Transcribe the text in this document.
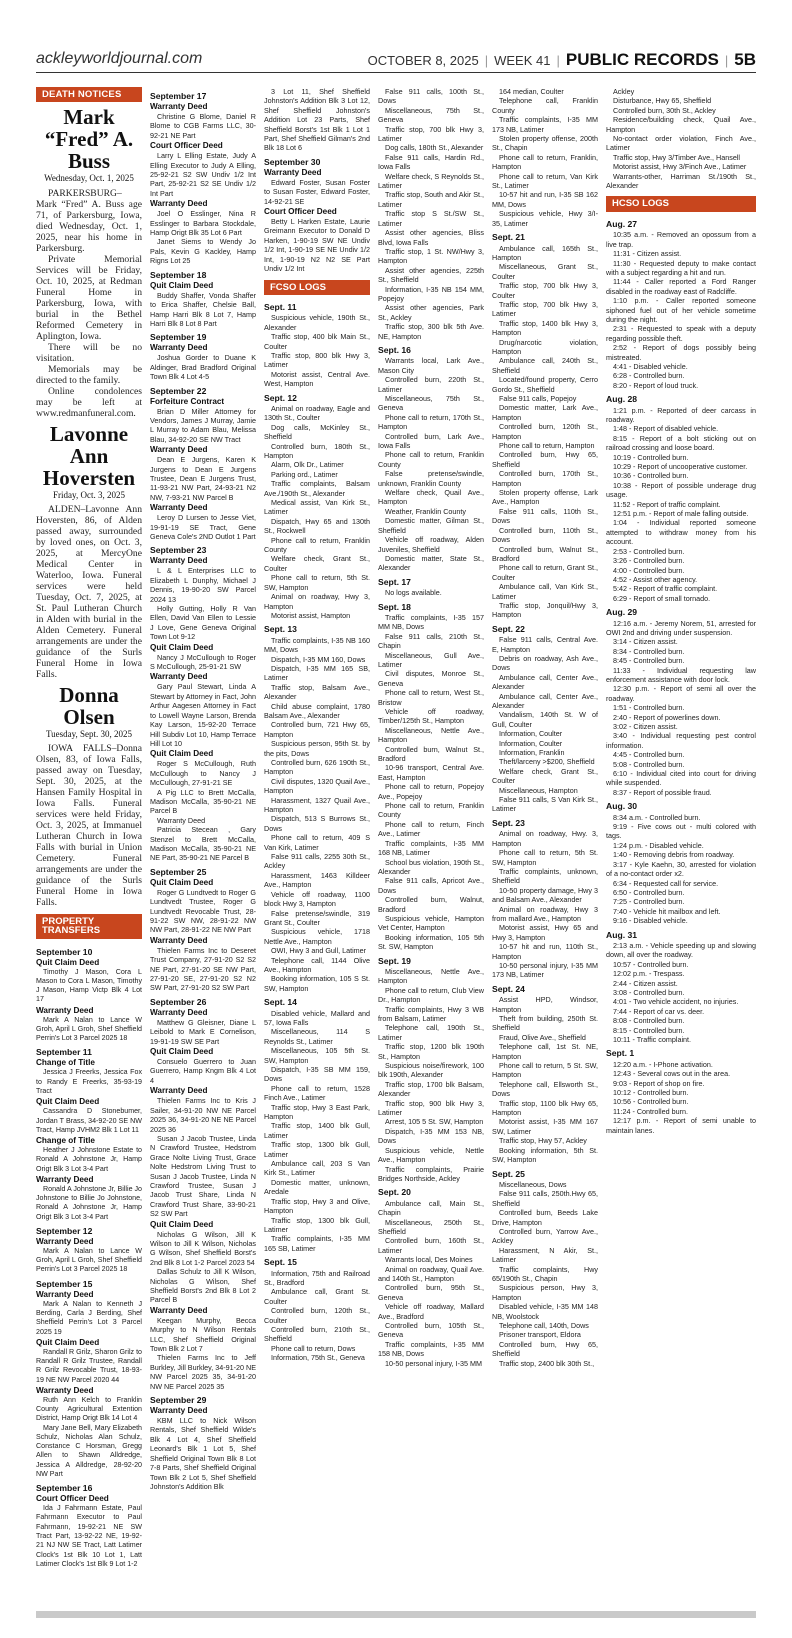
ackleyworldjournal.com	OCTOBER 8, 2025 | WEEK 41 | PUBLIC RECORDS | 5B
DEATH NOTICES
Mark “Fred” A. Buss
Wednesday, Oct. 1, 2025

PARKERSBURG–Mark “Fred” A. Buss age 71, of Parkersburg, Iowa, died Wednesday, Oct. 1, 2025, near his home in Parkersburg.

Private Memorial Services will be Friday, Oct. 10, 2025, at Redman Funeral Home in Parkersburg, Iowa, with burial in the Bethel Reformed Cemetery in Aplington, Iowa.

There will be no visitation.

Memorials may be directed to the family.

Online condolences may be left at www.redmanfuneral.com.

Lavonne Ann Hoversten
Friday, Oct. 3, 2025

ALDEN–Lavonne Ann Hoversten, 86, of Alden passed away, surrounded by loved ones, on Oct. 3, 2025, at MercyOne Medical Center in Waterloo, Iowa. Funeral services were held Tuesday, Oct. 7, 2025, at St. Paul Lutheran Church in Alden with burial in the Alden Cemetery. Funeral arrangements are under the guidance of the Surls Funeral Home in Iowa Falls.

Donna Olsen
Tuesday, Sept. 30, 2025

IOWA FALLS–Donna Olsen, 83, of Iowa Falls, passed away on Tuesday, Sept. 30, 2025, at the Hansen Family Hospital in Iowa Falls. Funeral services were held Friday, Oct. 3, 2025, at Immanuel Lutheran Church in Iowa Falls with burial in Union Cemetery. Funeral arrangements are under the guidance of the Surls Funeral Home in Iowa Falls.

PROPERTY TRANSFERS
September 10
Quit Claim Deed

Timothy J Mason, Cora L Mason to Cora L Mason, Timothy J Mason, Hamp Victp Blk 4 Lot 17

Warranty Deed

Mark A Nalan to Lance W Groh, April L Groh, Shef Sheffield Perrin's Lot 3 Parcel 2025 18

September 11
Change of Title

Jessica J Freerks, Jessica Fox to Randy E Freerks, 35-93-19 Tract

Quit Claim Deed

Cassandra D Stonebumer, Jordan T Brass, 34-92-20 SE NW Tract, Hamp JVHM2 Blk 1 Lot 11

Change of Title

Heather J Johnstone Estate to Ronald A Johnstone Jr, Hamp Origt Blk 3 Lot 3-4 Part

Warranty Deed

Ronald A Johnstone Jr, Billie Jo Johnstone to Billie Jo Johnstone, Ronald A Johnstone Jr, Hamp Origt Blk 3 Lot 3-4 Part

September 12
Warranty Deed

Mark A Nalan to Lance W Groh, April L Groh, Shef Sheffield Perrin's Lot 3 Parcel 2025 18

September 15
Warranty Deed

Mark A Nalan to Kenneth J Berding, Carla J Berding, Shef Sheffield Perrin's Lot 3 Parcel 2025 19

Quit Claim Deed

Randall R Grilz, Sharon Grilz to Randall R Grilz Trustee, Randall R Grilz Revocable Trust, 18-93-19 NE NW Parcel 2020 44

Warranty Deed

Ruth Ann Kelch to Franklin County Agricultural Extention District, Hamp Origt Blk 14 Lot 4

Mary Jane Bell, Mary Elizabeth Schulz, Nicholas Alan Schulz, Constance C Horsman, Gregg Allen to Shawn Alldredge, Jessica A Alldredge, 28-92-20 NW Part

September 16
Court Officer Deed

Ida J Fahrmann Estate, Paul Fahrmann Executor to Paul Fahrmann, 19-92-21 NE SW Tract Part, 13-92-22 NE, 19-92-21 NJ NW SE Tract, Latt Latimer Clock's 1st Blk 10 Lot 1, Latt Latimer Clock's 1st Blk 9 Lot 1-2

September 17
Warranty Deed

Christine G Blome, Daniel R Blome to CGB Farms LLC, 30-92-21 NE Part

Court Officer Deed

Larry L Elling Estate, Judy A Elling Executor to Judy A Elling, 25-92-21 S2 SW Undiv 1/2 Int Part, 25-92-21 S2 SE Undiv 1/2 Int Part

Warranty Deed

Joel O Esslinger, Nina R Esslinger to Barbara Stockdale, Hamp Origt Blk 35 Lot 6 Part

Janet Siems to Wendy Jo Pals, Kevin G Kackley, Hamp Rigns Lot 25

September 18
Quit Claim Deed

Buddy Shaffer, Vonda Shaffer to Erica Shaffer, Chelsie Ball, Hamp Harri Blk 8 Lot 7, Hamp Harri Blk 8 Lot 8 Part

September 19
Warranty Deed

Joshua Gorder to Duane K Aldinger, Brad Bradford Original Town Blk 4 Lot 4-5

September 22
Forfeiture Contract

Brian D Miller Attorney for Vendors, James J Murray, Jamie L Murray to Adam Blau, Melissa Blau, 34-92-20 SE NW Tract

Warranty Deed

Dean E Jurgens, Karen K Jurgens to Dean E Jurgens Trustee, Dean E Jurgens Trust, 11-93-21 NW Part, 24-93-21 N2 NW, 7-93-21 NW Parcel B

Warranty Deed

Leroy D Lursen to Jesse Viet, 19-91-19 SE Tract, Gene Geneva Cole's 2ND Outlot 1 Part

September 23
Warranty Deed

L & L Enterprises LLC to Elizabeth L Dunphy, Michael J Dennis, 19-90-20 SW Parcel 2024 13

Holly Gutting, Holly R Van Ellen, David Van Ellen to Lessie J Love, Gene Geneva Original Town Lot 9-12

Quit Claim Deed

Nancy J McCullough to Roger S McCullough, 25-91-21 SW

Warranty Deed

Gary Paul Stewart, Linda A Stewart by Attorney in Fact, John Arthur Aagesen Attorney in Fact to Lowell Wayne Larson, Brenda Kay Larson, 15-92-20 Terrace Hill Subdiv Lot 10, Hamp Terrace Hill Lot 10

Quit Claim Deed

Roger S McCullough, Ruth McCullough to Nancy J McCullough, 27-91-21 SE

A Pig LLC to Brett McCalla, Madison McCalla, 35-90-21 NE Parcel B

Warranty Deed

Patricia Stecean , Gary Stenzel to Brett McCalla, Madison McCalla, 35-90-21 NE NE Part, 35-90-21 NE Parcel B

September 25
Quit Claim Deed

Roger G Lundtvedt to Roger G Lundtvedt Trustee, Roger G Lundtvedt Revocable Trust, 28-91-22 SW NW, 28-91-22 NW NW Part, 28-91-22 NE NW Part

Warranty Deed

Thielen Farms Inc to Deseret Trust Company, 27-91-20 S2 S2 NE Part, 27-91-20 SE NW Part, 27-91-20 SE, 27-91-20 S2 N2 SW Part, 27-91-20 S2 SW Part

September 26
Warranty Deed

Matthew G Gleisner, Diane L Leibold to Mark E Cornelison, 19-91-19 SW SE Part

Quit Claim Deed

Consuelo Guerrero to Juan Guerrero, Hamp Kngm Blk 4 Lot 4

Warranty Deed

Thielen Farms Inc to Kris J Sailer, 34-91-20 NW NE Parcel 2025 36, 34-91-20 NE NE Parcel 2025 36

Susan J Jacob Trustee, Linda N Crawford Trustee, Hedstrom Grace Nolte Living Trust, Grace Nolte Hedstrom Living Trust to Susan J Jacob Trustee, Linda N Crawford Trustee, Susan J Jacob Trust Share, Linda N Crawford Trust Share, 33-90-21 S2 SW Part

Quit Claim Deed

Nicholas G Wilson, Jill K Wilson to Jill K Wilson, Nicholas G Wilson, Shef Sheffield Borst's 2nd Blk 8 Lot 1-2 Parcel 2023 54

Dallas Schulz to Jill K Wilson, Nicholas G Wilson, Shef Sheffield Borst's 2nd Blk 8 Lot 2 Parcel B

Warranty Deed

Keegan Murphy, Becca Murphy to N Wilson Rentals LLC, Shef Sheffield Original Town Blk 2 Lot 7

Thielen Farms Inc to Jeff Burkley, Jill Burkley, 34-91-20 NE NW Parcel 2025 35, 34-91-20 NW NE Parcel 2025 35

September 29
Warranty Deed

KBM LLC to Nick Wilson Rentals, Shef Sheffield Wilde's Blk 4 Lot 4, Shef Sheffield Leonard's Blk 1 Lot 5, Shef Sheffield Original Town Blk 8 Lot 7-8 Parts, Shef Sheffield Original Town Blk 2 Lot 5, Shef Sheffield Johnston's Addition Blk

3 Lot 11, Shef Sheffield Johnston's Addition Blk 3 Lot 12, Shef Sheffield Johnston's Addition Lot 23 Parts, Shef Sheffield Borst's 1st Blk 1 Lot 1 Part, Shef Sheffield Gilman's 2nd Blk 18 Lot 6

September 30
Warranty Deed

Edward Foster, Susan Foster to Susan Foster, Edward Foster, 14-92-21 SE

Court Officer Deed

Betty L Harken Estate, Laurie Greimann Executor to Donald D Harken, 1-90-19 SW NE Undiv 1/2 Int, 1-90-19 SE NE Undiv 1/2 Int, 1-90-19 N2 N2 SE Part Undiv 1/2 Int

FCSO LOGS
Sept. 11

Suspicious vehicle, 190th St., Alexander

Traffic stop, 400 blk Main St., Coulter

Traffic stop, 800 blk Hwy 3, Latimer

Motorist assist, Central Ave. West, Hampton

Sept. 12

Animal on roadway, Eagle and 130th St., Coulter

Dog calls, McKinley St., Sheffield

Controlled burn, 180th St., Hampton

Alarm, Olk Dr., Latimer

Parking ord., Latimer

Traffic complaints, Balsam Ave./190th St., Alexander

Medical assist, Van Kirk St., Latimer

Dispatch, Hwy 65 and 130th St., Rockwell

Phone call to return, Franklin County

Welfare check, Grant St., Coulter

Phone call to return, 5th St. SW, Hampton

Animal on roadway, Hwy 3, Hampton

Motorist assist, Hampton

Sept. 13

Traffic complaints, I-35 NB 160 MM, Dows

Dispatch, I-35 MM 160, Dows

Dispatch, I-35 MM 165 SB, Latimer

Traffic stop, Balsam Ave., Alexander

Child abuse complaint, 1780 Balsam Ave., Alexander

Controlled burn, 721 Hwy 65, Hampton

Suspicious person, 95th St. by the pits, Dows

Controlled burn, 626 190th St., Hampton

Civil disputes, 1320 Quail Ave., Hampton

Harassment, 1327 Quail Ave., Hampton

Dispatch, 513 S Burrows St., Dows

Phone call to return, 409 S Van Kirk, Latimer

False 911 calls, 2255 30th St., Ackley

Harassment, 1463 Killdeer Ave., Hampton

Vehicle off roadway, 1100 block Hwy 3, Hampton

False pretense/swindle, 319 Grant St., Coulter

Suspicious vehicle, 1718 Nettle Ave., Hampton

OWI, Hwy 3 and Gull, Latimer

Telephone call, 1144 Olive Ave., Hampton

Booking information, 105 S St. SW, Hampton

Sept. 14

Disabled vehicle, Mallard and 57, Iowa Falls

Miscellaneous, 114 S Reynolds St., Latimer

Miscellaneous, 105 5th St. SW, Hampton

Dispatch, I-35 SB MM 159, Dows

Phone call to return, 1528 Finch Ave., Latimer

Traffic stop, Hwy 3 East Park, Hampton

Traffic stop, 1400 blk Gull, Latimer

Traffic stop, 1300 blk Gull, Latimer

Ambulance call, 203 S Van Kirk St., Latimer

Domestic matter, unknown, Aredale

Traffic stop, Hwy 3 and Olive, Hampton

Traffic stop, 1300 blk Gull, Latimer

Traffic complaints, I-35 MM 165 SB, Latimer

Sept. 15

Information, 75th and Railroad St., Bradford

Ambulance call, Grant St. Coulter

Controlled burn, 120th St., Coulter

Controlled burn, 210th St., Sheffield

Phone call to return, Dows

Information, 75th St., Geneva

False 911 calls, 100th St., Dows

Miscellaneous, 75th St., Geneva

Traffic stop, 700 blk Hwy 3, Latimer

Dog calls, 180th St., Alexander

False 911 calls, Hardin Rd., Iowa Falls

Welfare check, S Reynolds St., Latimer

Traffic stop, South and Akir St., Latimer

Traffic stop S St./SW St., Latimer

Assist other agencies, Bliss Blvd, Iowa Falls

Traffic stop, 1 St. NW/Hwy 3, Hampton

Assist other agencies, 225th St., Sheffield

Information, I-35 NB 154 MM, Popejoy

Assist other agencies, Park St., Ackley

Traffic stop, 300 blk 5th Ave. NE, Hampton

Sept. 16

Warrants local, Lark Ave., Mason City

Controlled burn, 220th St., Latimer

Miscellaneous, 75th St., Geneva

Phone call to return, 170th St., Hampton

Controlled burn, Lark Ave., Iowa Falls

Phone call to return, Franklin County

False pretense/swindle, unknown, Franklin County

Welfare check, Quail Ave., Hampton

Weather, Franklin County

Domestic matter, Gilman St., Sheffield

Vehicle off roadway, Alden Juveniles, Sheffield

Domestic matter, State St., Alexander

Sept. 17

No logs available.

Sept. 18

Traffic complaints, I-35 157 MM NB, Dows

False 911 calls, 210th St., Chapin

Miscellaneous, Gull Ave., Latimer

Civil disputes, Monroe St., Geneva

Phone call to return, West St., Bristow

Vehicle off roadway, Timber/125th St., Hampton

Miscellaneous, Nettle Ave., Hampton

Controlled burn, Walnut St., Bradford

10-96 transport, Central Ave. East, Hampton

Phone call to return, Popejoy Ave., Popejoy

Phone call to return, Franklin County

Phone call to return, Finch Ave., Latimer

Traffic complaints, I-35 MM 168 NB, Latimer

School bus violation, 190th St., Alexander

False 911 calls, Apricot Ave., Dows

Controlled burn, Walnut, Bradford

Suspicious vehicle, Hampton Vet Center, Hampton

Booking information, 105 5th St. SW, Hampton

Sept. 19

Miscellaneous, Nettle Ave., Hampton

Phone call to return, Club View Dr., Hampton

Traffic complaints, Hwy 3 WB from Balsam, Latimer

Telephone call, 190th St., Latimer

Traffic stop, 1200 blk 190th St., Hampton

Suspicious noise/firework, 100 blk 190th, Alexander

Traffic stop, 1700 blk Balsam, Alexander

Traffic stop, 900 blk Hwy 3, Latimer

Arrest, 105 5 St. SW, Hampton

Dispatch, I-35 MM 153 NB, Dows

Suspicious vehicle, Nettle Ave., Hampton

Traffic complaints, Prairie Bridges Northside, Ackley

Sept. 20

Ambulance call, Main St., Chapin

Miscellaneous, 250th St., Sheffield

Controlled burn, 160th St., Latimer

Warrants local, Des Moines

Animal on roadway, Quail Ave. and 140th St., Hampton

Controlled burn, 95th St., Geneva

Vehicle off roadway, Mallard Ave., Bradford

Controlled burn, 105th St., Geneva

Traffic complaints, I-35 MM 158 NB, Dows

10-50 personal injury, I-35 MM

164 median, Coulter

Telephone call, Franklin County

Traffic complaints, I-35 MM 173 NB, Latimer

Stolen property offense, 200th St., Chapin

Phone call to return, Franklin, Hampton

Phone call to return, Van Kirk St., Latimer

10-57 hit and run, I-35 SB 162 MM, Dows

Suspicious vehicle, Hwy 3/I-35, Latimer

Sept. 21

Ambulance call, 165th St., Hampton

Miscellaneous, Grant St., Coulter

Traffic stop, 700 blk Hwy 3, Coulter

Traffic stop, 700 blk Hwy 3, Latimer

Traffic stop, 1400 blk Hwy 3, Hampton

Drug/narcotic violation, Hampton

Ambulance call, 240th St., Sheffield

Located/found property, Cerro Gordo St., Sheffield

False 911 calls, Popejoy

Domestic matter, Lark Ave., Hampton

Controlled burn, 120th St., Hampton

Phone call to return, Hampton

Controlled burn, Hwy 65, Sheffield

Controlled burn, 170th St., Hampton

Stolen property offense, Lark Ave., Hampton

False 911 calls, 110th St., Dows

Controlled burn, 110th St., Dows

Controlled burn, Walnut St., Bradford

Phone call to return, Grant St., Coulter

Ambulance call, Van Kirk St., Latimer

Traffic stop, Jonquil/Hwy 3, Hampton

Sept. 22

False 911 calls, Central Ave. E, Hampton

Debris on roadway, Ash Ave., Dows

Ambulance call, Center Ave., Alexander

Ambulance call, Center Ave., Alexander

Vandalism, 140th St. W of Gull, Coulter

Information, Coulter

Information, Coulter

Information, Franklin

Theft/larceny >$200, Sheffield

Welfare check, Grant St., Coulter

Miscellaneous, Hampton

False 911 calls, S Van Kirk St., Latimer

Sept. 23

Animal on roadway, Hwy. 3, Hampton

Phone call to return, 5th St. SW, Hampton

Traffic complaints, unknown, Sheffield

10-50 property damage, Hwy 3 and Balsam Ave., Alexander

Animal on roadway, Hwy 3 from mallard Ave., Hampton

Motorist assist, Hwy 65 and Hwy 3, Hampton

10-57 hit and run, 110th St., Hampton

10-50 personal injury, I-35 MM 173 NB, Latimer

Sept. 24

Assist HPD, Windsor, Hampton

Theft from building, 250th St. Sheffield

Fraud, Olive Ave., Sheffield

Telephone call, 1st St. NE, Hampton

Phone call to return, 5 St. SW, Hampton

Telephone call, Ellsworth St., Dows

Traffic stop, 1100 blk Hwy 65, Hampton

Motorist assist, I-35 MM 167 SW, Latimer

Traffic stop, Hwy 57, Ackley

Booking information, 5th St. SW, Hampton

Sept. 25

Miscellaneous, Dows

False 911 calls, 250th.Hwy 65, Sheffield

Controlled burn, Beeds Lake Drive, Hampton

Controlled burn, Yarrow Ave., Ackley

Harassment, N Akir, St., Latimer

Traffic complaints, Hwy 65/190th St., Chapin

Suspicious person, Hwy 3, Hampton

Disabled vehicle, I-35 MM 148 NB, Woolstock

Telephone call, 140th, Dows

Prisoner transport, Eldora

Controlled burn, Hwy 65, Sheffield

Traffic stop, 2400 blk 30th St.,

Ackley

Disturbance, Hwy 65, Sheffield

Controlled burn, 30th St., Ackley

Residence/building check, Quail Ave., Hampton

No-contact order violation, Finch Ave., Latimer

Traffic stop, Hwy 3/Timber Ave., Hansell

Motorist assist, Hwy 3/Finch Ave., Latimer

Warrants-other, Harriman St./190th St., Alexander

HCSO LOGS
Aug. 27

10:35 a.m. - Removed an opossum from a live trap.

11:31 - Citizen assist.

11:30 - Requested deputy to make contact with a subject regarding a hit and run.

11:44 - Caller reported a Ford Ranger disabled in the roadway east of Radcliffe.

1:10 p.m. - Caller reported someone siphoned fuel out of her vehicle sometime during the night.

2:31 - Requested to speak with a deputy regarding possible theft.

2:52 - Report of dogs possibly being mistreated.

4:41 - Disabled vehicle.

6:28 - Controlled burn.

8:20 - Report of loud truck.

Aug. 28

1:21 p.m. - Reported of deer carcass in roadway.

1:48 - Report of disabled vehicle.

8:15 - Report of a bolt sticking out on railroad crossing and loose board.

10:19 - Controlled burn.

10:29 - Report of uncooperative customer.

10:36 - Controlled burn.

10:38 - Report of possible underage drug usage.

11:52 - Report of traffic complaint.

12:51 p.m. - Report of male falling outside.

1:04 - Individual reported someone attempted to withdraw money from his account.

2:53 - Controlled burn.

3:26 - Controlled burn.

4:00 - Controlled burn.

4:52 - Assist other agency.

5:42 - Report of traffic complaint.

6:29 - Report of small tornado.

Aug. 29

12:16 a.m. - Jeremy Norem, 51, arrested for OWI 2nd and driving under suspension.

3:14 - Citizen assist.

8:34 - Controlled burn.

8:45 - Controlled burn.

11:33 - Individual requesting law enforcement assistance with door lock.

12:30 p.m. - Report of semi all over the roadway.

1:51 - Controlled burn.

2:40 - Report of powerlines down.

3:02 - Citizen assist.

3:40 - Individual requesting pest control information.

4:45 - Controlled burn.

5:08 - Controlled burn.

6:10 - Individual cited into court for driving while suspended.

8:37 - Report of possible fraud.

Aug. 30

8:34 a.m. - Controlled burn.

9:19 - Five cows out - multi colored with tags.

1:24 p.m. - Disabled vehicle.

1:40 - Removing debris from roadway.

3:17 - Kyle Kaehn, 30, arrested for violation of a no-contact order x2.

6:34 - Requested call for service.

6:50 - Controlled burn.

7:25 - Controlled burn.

7:40 - Vehicle hit mailbox and left.

9:16 - Disabled vehicle.

Aug. 31

2:13 a.m. - Vehicle speeding up and slowing down, all over the roadway.

10:57 - Controlled burn.

12:02 p.m. - Trespass.

2:44 - Citizen assist.

3:08 - Controlled burn.

4:01 - Two vehicle accident, no injuries.

7:44 - Report of car vs. deer.

8:08 - Controlled burn.

8:15 - Controlled burn.

10:11 - Traffic complaint.

Sept. 1

12:20 a.m. - I-Phone activation.

12:43 - Several cows out in the area.

9:03 - Report of shop on fire.

10:12 - Controlled burn.

10:56 - Controlled burn.

11:24 - Controlled burn.

12:17 p.m. - Report of semi unable to maintain lanes.
